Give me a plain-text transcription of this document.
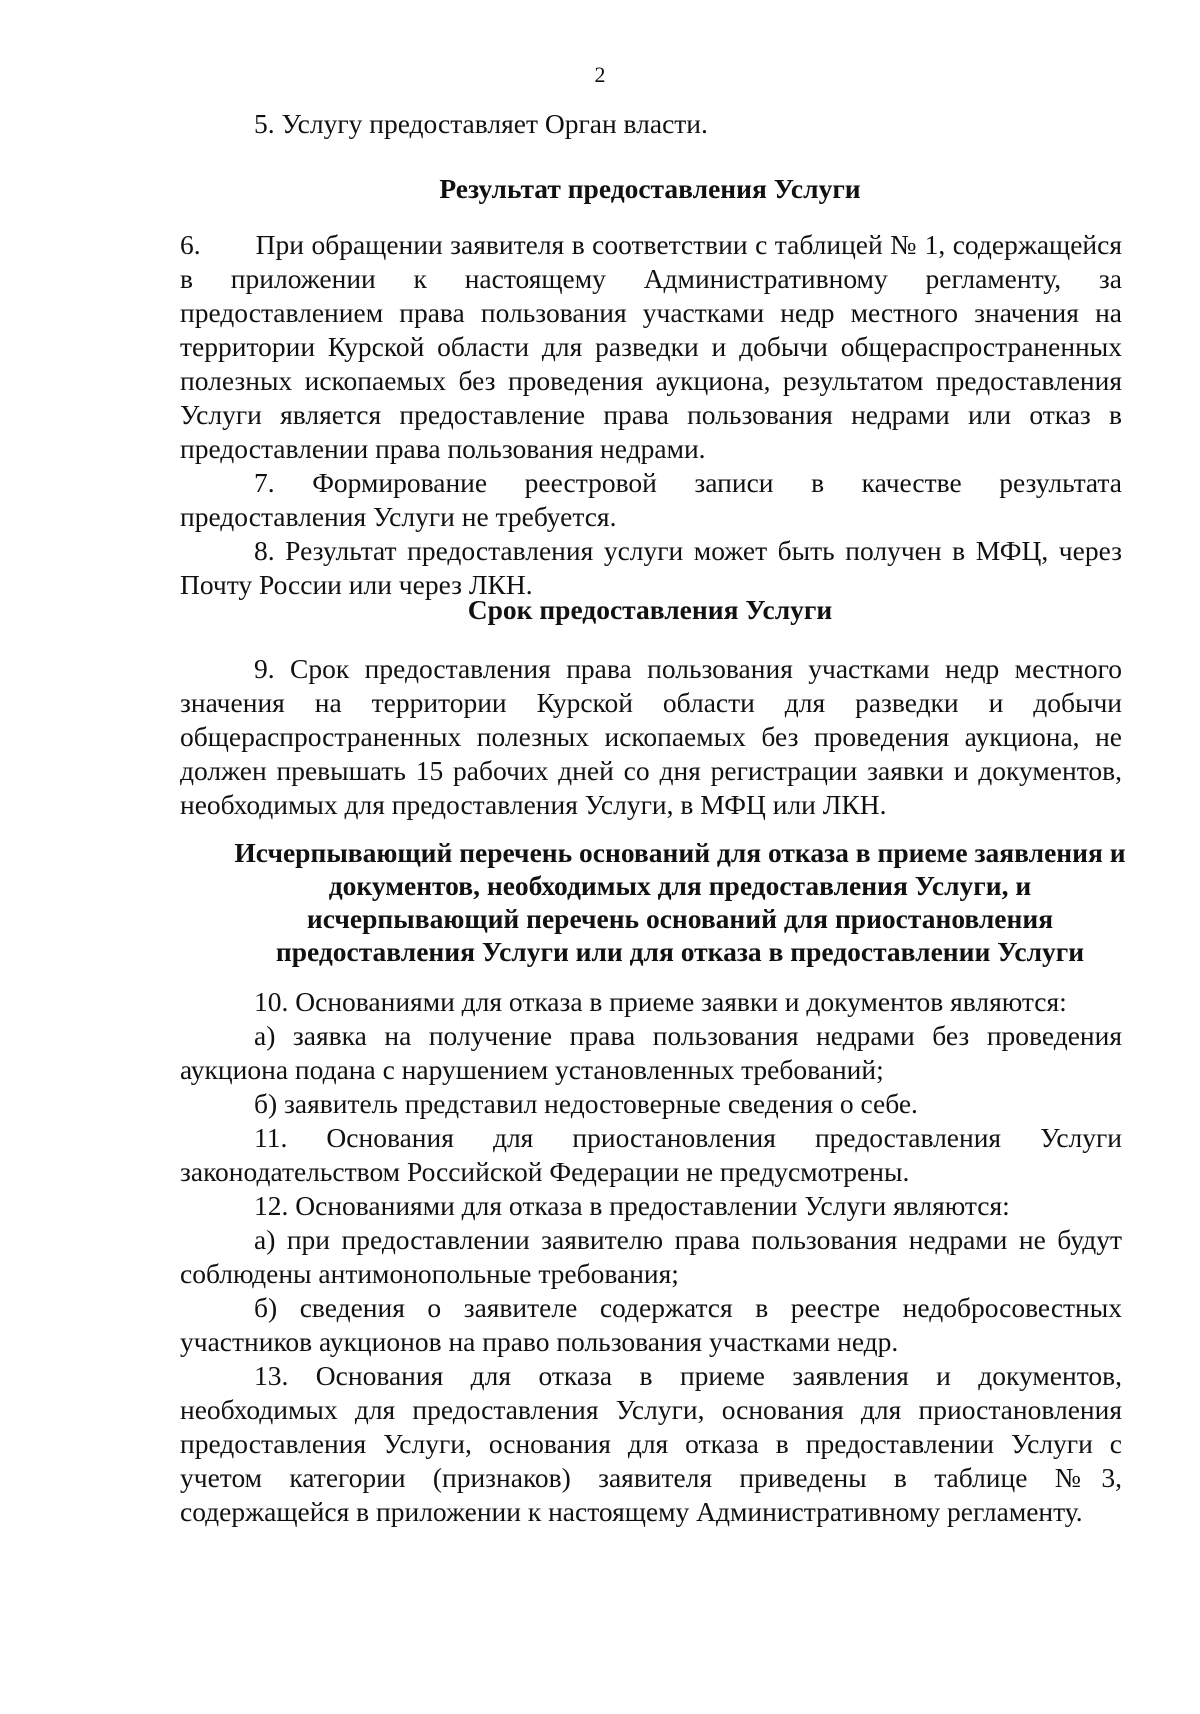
2

5. Услугу предоставляет Орган власти.

Результат предоставления Услуги

6.  При обращении заявителя в соответствии с таблицей № 1, содержащейся в приложении к настоящему Административному регламенту, за предоставлением права пользования участками недр местного значения на территории Курской области для разведки и добычи общераспространенных полезных ископаемых без проведения аукциона, результатом предоставления Услуги является предоставление права пользования недрами или отказ в предоставлении права пользования недрами.

7. Формирование реестровой записи в качестве результата предоставления Услуги не требуется.

8. Результат предоставления услуги может быть получен в МФЦ, через Почту России или через ЛКН.

Срок предоставления Услуги

9. Срок предоставления права пользования участками недр местного значения на территории Курской области для разведки и добычи общераспространенных полезных ископаемых без проведения аукциона, не должен превышать 15 рабочих дней со дня регистрации заявки и документов, необходимых для предоставления Услуги, в МФЦ или ЛКН.

Исчерпывающий перечень оснований для отказа в приеме заявления и
документов, необходимых для предоставления Услуги, и
исчерпывающий перечень оснований для приостановления
предоставления Услуги или для отказа в предоставлении Услуги

10. Основаниями для отказа в приеме заявки и документов являются:

а) заявка на получение права пользования недрами без проведения аукциона подана с нарушением установленных требований;

б) заявитель представил недостоверные сведения о себе.

11. Основания для приостановления предоставления Услуги законодательством Российской Федерации не предусмотрены.

12. Основаниями для отказа в предоставлении Услуги являются:

а) при предоставлении заявителю права пользования недрами не будут соблюдены антимонопольные требования;

б) сведения о заявителе содержатся в реестре недобросовестных участников аукционов на право пользования участками недр.

13. Основания для отказа в приеме заявления и документов, необходимых для предоставления Услуги, основания для приостановления предоставления Услуги, основания для отказа в предоставлении Услуги с учетом категории (признаков) заявителя приведены в таблице №3, содержащейся в приложении к настоящему Административному регламенту.
